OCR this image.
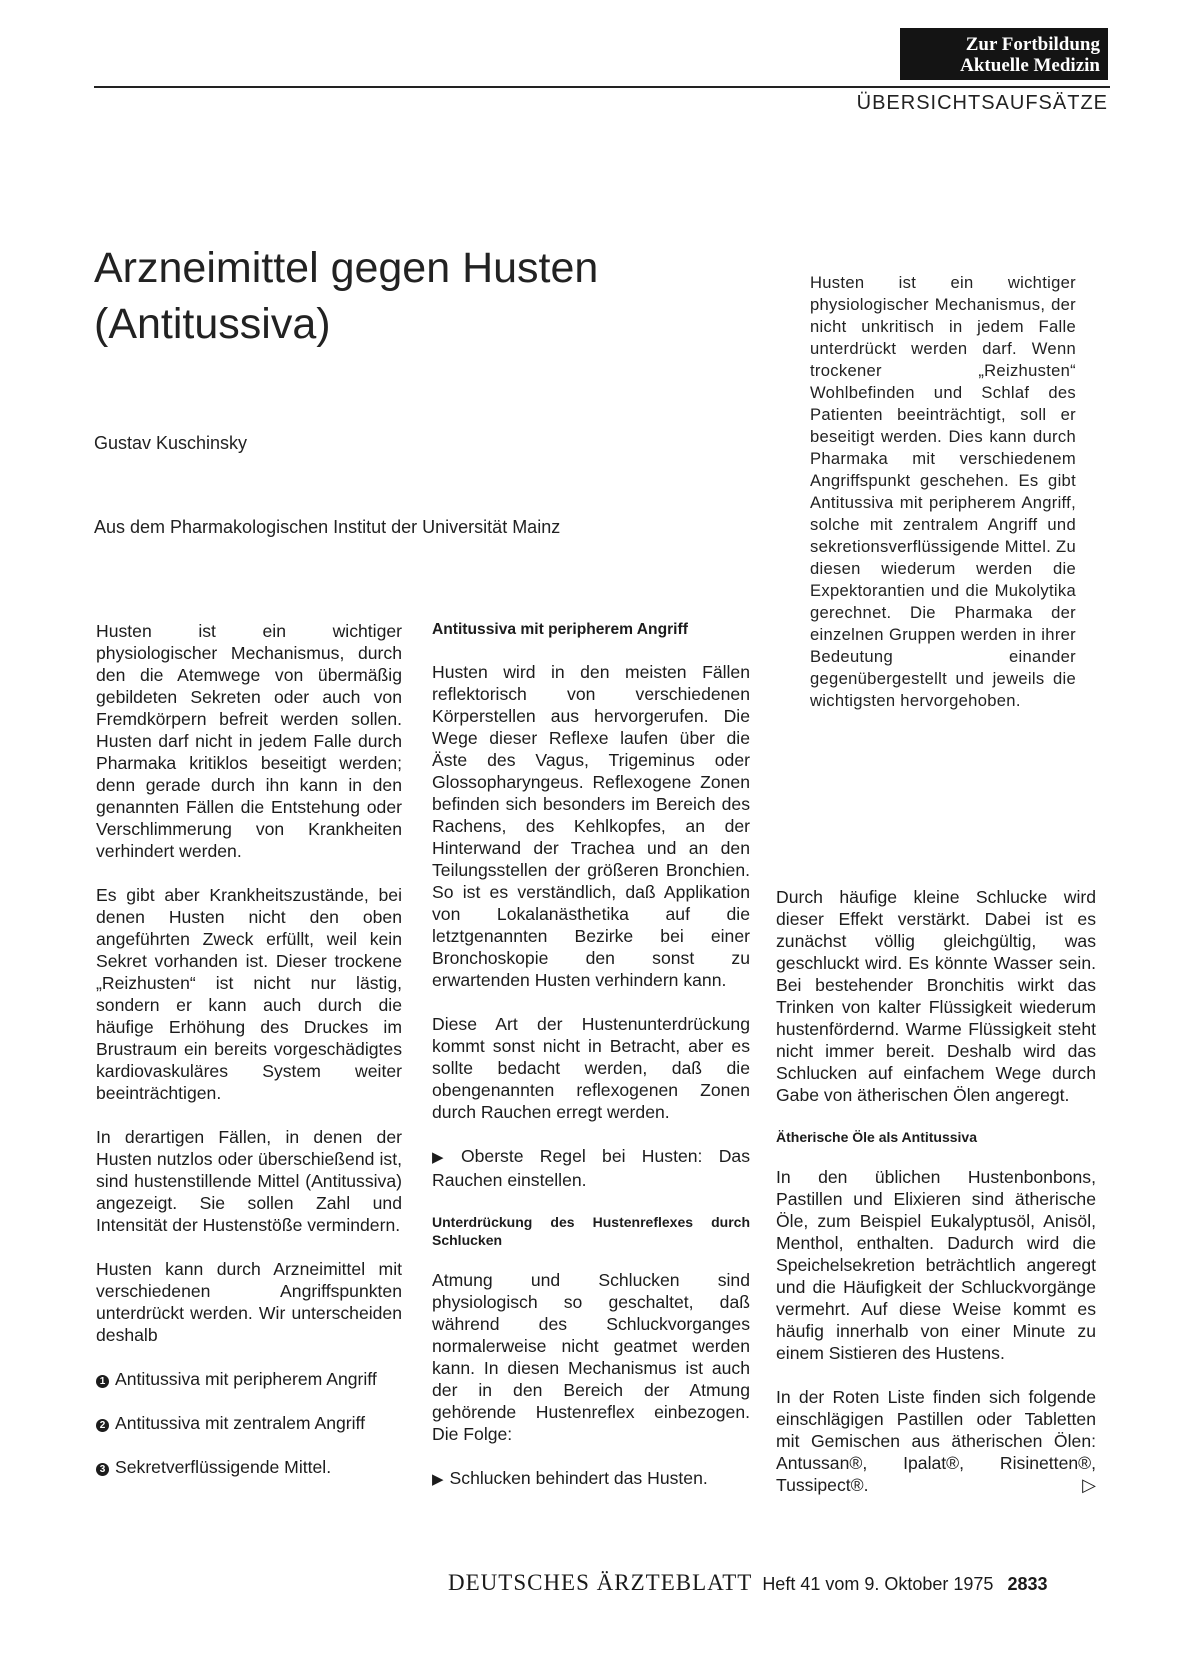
Zur Fortbildung
Aktuelle Medizin
ÜBERSICHTSAUFSÄTZE
Arzneimittel gegen Husten
(Antitussiva)
Gustav Kuschinsky
Aus dem Pharmakologischen Institut der Universität Mainz
Husten ist ein wichtiger physiologischer Mechanismus, der nicht unkritisch in jedem Falle unterdrückt werden darf. Wenn trockener „Reizhusten“ Wohlbefinden und Schlaf des Patienten beeinträchtigt, soll er beseitigt werden. Dies kann durch Pharmaka mit verschiedenem Angriffspunkt geschehen. Es gibt Antitussiva mit peripherem Angriff, solche mit zentralem Angriff und sekretionsverflüssigende Mittel. Zu diesen wiederum werden die Expektorantien und die Mukolytika gerechnet. Die Pharmaka der einzelnen Gruppen werden in ihrer Bedeutung einander gegenübergestellt und jeweils die wichtigsten hervorgehoben.

Husten ist ein wichtiger physiologischer Mechanismus, durch den die Atemwege von übermäßig gebildeten Sekreten oder auch von Fremdkörpern befreit werden sollen. Husten darf nicht in jedem Falle durch Pharmaka kritiklos beseitigt werden; denn gerade durch ihn kann in den genannten Fällen die Entstehung oder Verschlimmerung von Krankheiten verhindert werden.

Es gibt aber Krankheitszustände, bei denen Husten nicht den oben angeführten Zweck erfüllt, weil kein Sekret vorhanden ist. Dieser trockene „Reizhusten“ ist nicht nur lästig, sondern er kann auch durch die häufige Erhöhung des Druckes im Brustraum ein bereits vorgeschädigtes kardiovaskuläres System weiter beeinträchtigen.

In derartigen Fällen, in denen der Husten nutzlos oder überschießend ist, sind hustenstillende Mittel (Antitussiva) angezeigt. Sie sollen Zahl und Intensität der Hustenstöße vermindern.

Husten kann durch Arzneimittel mit verschiedenen Angriffspunkten unterdrückt werden. Wir unterscheiden deshalb

1 Antitussiva mit peripherem Angriff

2 Antitussiva mit zentralem Angriff

3 Sekretverflüssigende Mittel.

Antitussiva mit peripherem Angriff

Husten wird in den meisten Fällen reflektorisch von verschiedenen Körperstellen aus hervorgerufen. Die Wege dieser Reflexe laufen über die Äste des Vagus, Trigeminus oder Glossopharyngeus. Reflexogene Zonen befinden sich besonders im Bereich des Rachens, des Kehlkopfes, an der Hinterwand der Trachea und an den Teilungsstellen der größeren Bronchien. So ist es verständlich, daß Applikation von Lokalanästhetika auf die letztgenannten Bezirke bei einer Bronchoskopie den sonst zu erwartenden Husten verhindern kann.

Diese Art der Hustenunterdrückung kommt sonst nicht in Betracht, aber es sollte bedacht werden, daß die obengenannten reflexogenen Zonen durch Rauchen erregt werden.

▶ Oberste Regel bei Husten: Das Rauchen einstellen.

Unterdrückung des Hustenreflexes durch Schlucken

Atmung und Schlucken sind physiologisch so geschaltet, daß während des Schluckvorganges normalerweise nicht geatmet werden kann. In diesen Mechanismus ist auch der in den Bereich der Atmung gehörende Hustenreflex einbezogen. Die Folge:

▶ Schlucken behindert das Husten.

Durch häufige kleine Schlucke wird dieser Effekt verstärkt. Dabei ist es zunächst völlig gleichgültig, was geschluckt wird. Es könnte Wasser sein. Bei bestehender Bronchitis wirkt das Trinken von kalter Flüssigkeit wiederum hustenfördernd. Warme Flüssigkeit steht nicht immer bereit. Deshalb wird das Schlucken auf einfachem Wege durch Gabe von ätherischen Ölen angeregt.

Ätherische Öle als Antitussiva

In den üblichen Hustenbonbons, Pastillen und Elixieren sind ätherische Öle, zum Beispiel Eukalyptusöl, Anisöl, Menthol, enthalten. Dadurch wird die Speichelsekretion beträchtlich angeregt und die Häufigkeit der Schluckvorgänge vermehrt. Auf diese Weise kommt es häufig innerhalb von einer Minute zu einem Sistieren des Hustens.

In der Roten Liste finden sich folgende einschlägigen Pastillen oder Tabletten mit Gemischen aus ätherischen Ölen: Antussan®, Ipalat®, Risinetten®, Tussipect®.	▷

DEUTSCHES ÄRZTEBLATT Heft 41 vom 9. Oktober 1975 2833
